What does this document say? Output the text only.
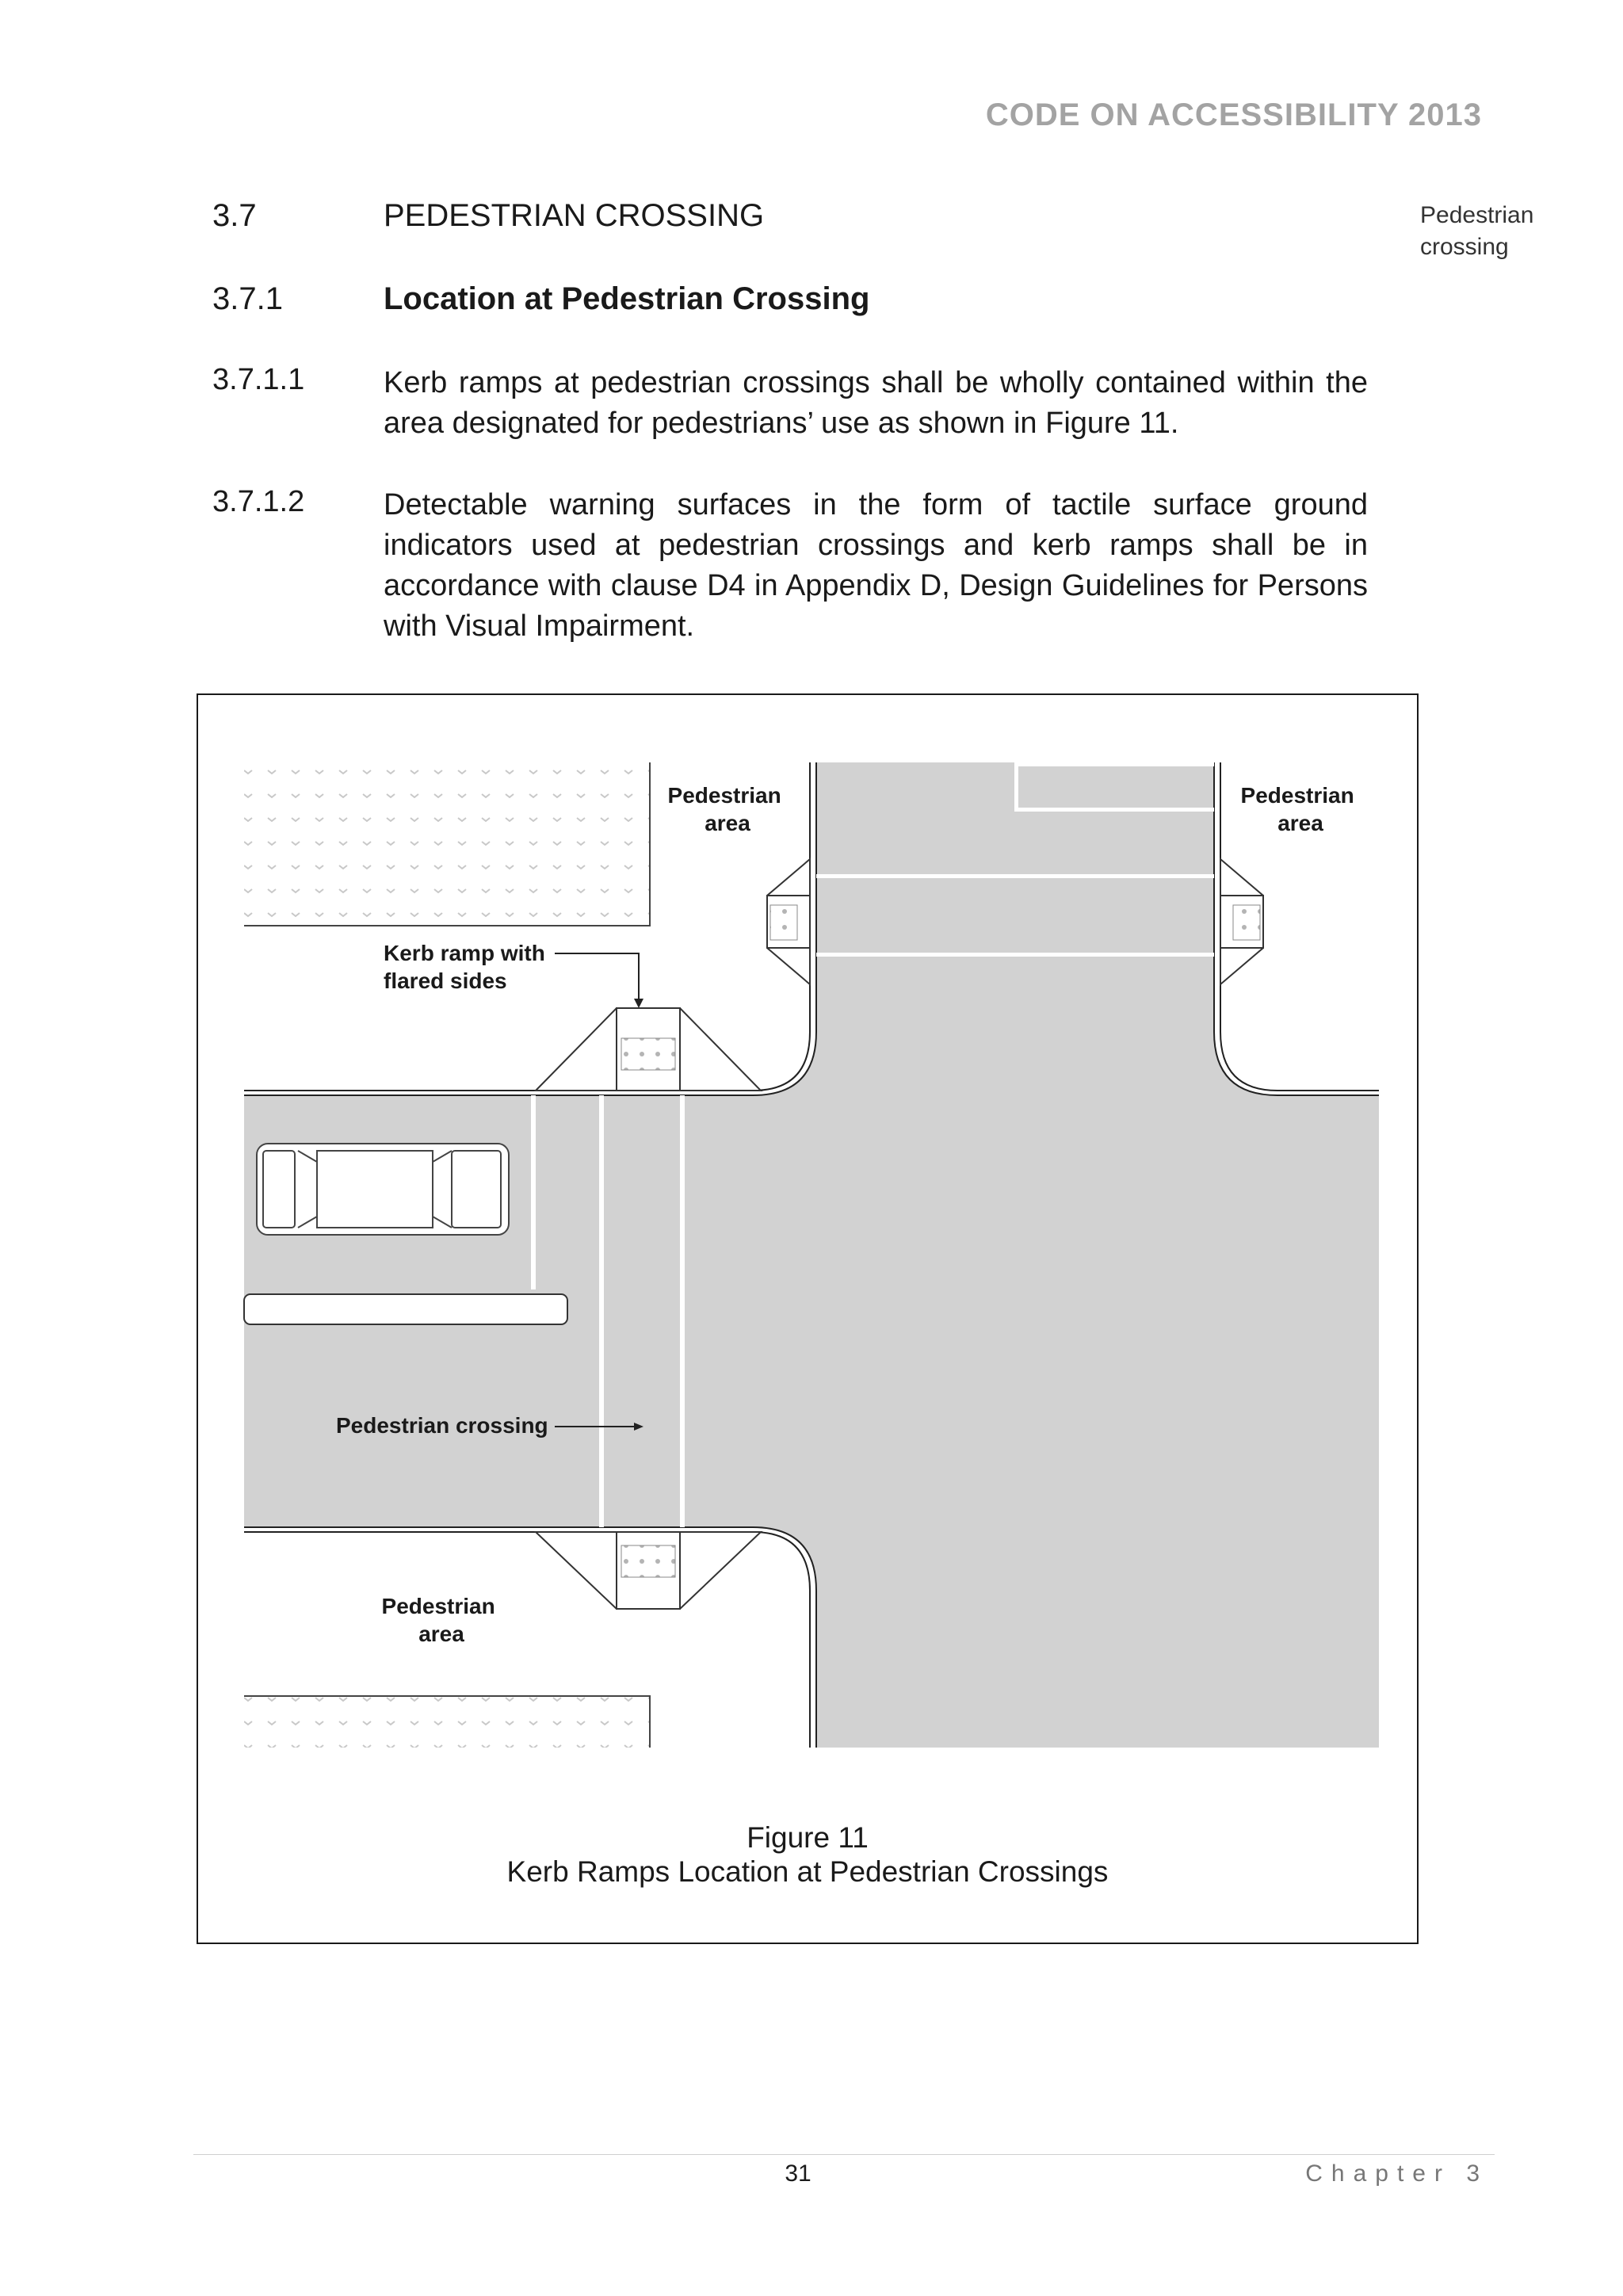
CODE ON ACCESSIBILITY 2013
3.7	PEDESTRIAN CROSSING	Pedestrian
crossing
3.7.1	Location at Pedestrian Crossing
3.7.1.1	Kerb ramps at pedestrian crossings shall be wholly contained within the area designated for pedestrians’ use as shown in Figure 11.
3.7.1.2	Detectable warning surfaces in the form of tactile surface ground indicators used at pedestrian crossings and kerb ramps shall be in accordance with clause D4 in Appendix D, Design Guidelines for Persons with Visual Impairment.
Pedestrian area
Pedestrian area
Kerb ramp with flared sides
Pedestrian crossing
Pedestrian area
Figure 11
Kerb Ramps Location at Pedestrian Crossings
31	Chapter 3
